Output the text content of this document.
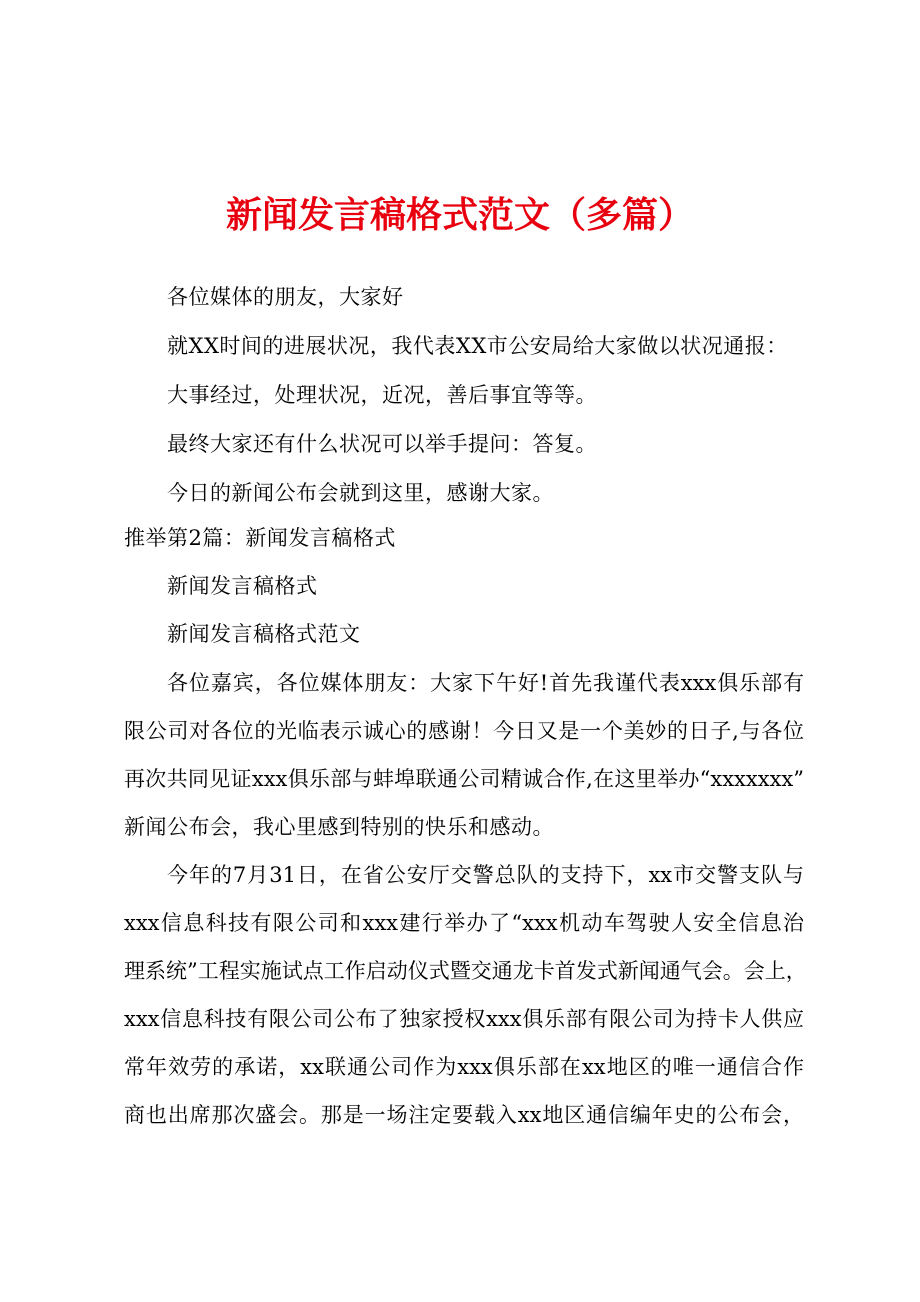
新闻发言稿格式范文（多篇）
各位媒体的朋友，大家好
就XX时间的进展状况，我代表XX市公安局给大家做以状况通报：
大事经过，处理状况，近况，善后事宜等等。
最终大家还有什么状况可以举手提问：答复。
今日的新闻公布会就到这里，感谢大家。
推举第2篇：新闻发言稿格式
新闻发言稿格式
新闻发言稿格式范文
各位嘉宾，各位媒体朋友：大家下午好!首先我谨代表xxx俱乐部有
限公司对各位的光临表示诚心的感谢！今日又是一个美妙的日子,与各位
再次共同见证xxx俱乐部与蚌埠联通公司精诚合作,在这里举办“xxxxxxx”
新闻公布会，我心里感到特别的快乐和感动。
今年的7月31日，在省公安厅交警总队的支持下，xx市交警支队与
xxx信息科技有限公司和xxx建行举办了“xxx机动车驾驶人安全信息治
理系统”工程实施试点工作启动仪式暨交通龙卡首发式新闻通气会。会上，
xxx信息科技有限公司公布了独家授权xxx俱乐部有限公司为持卡人供应
常年效劳的承诺，xx联通公司作为xxx俱乐部在xx地区的唯一通信合作
商也出席那次盛会。那是一场注定要载入xx地区通信编年史的公布会，
